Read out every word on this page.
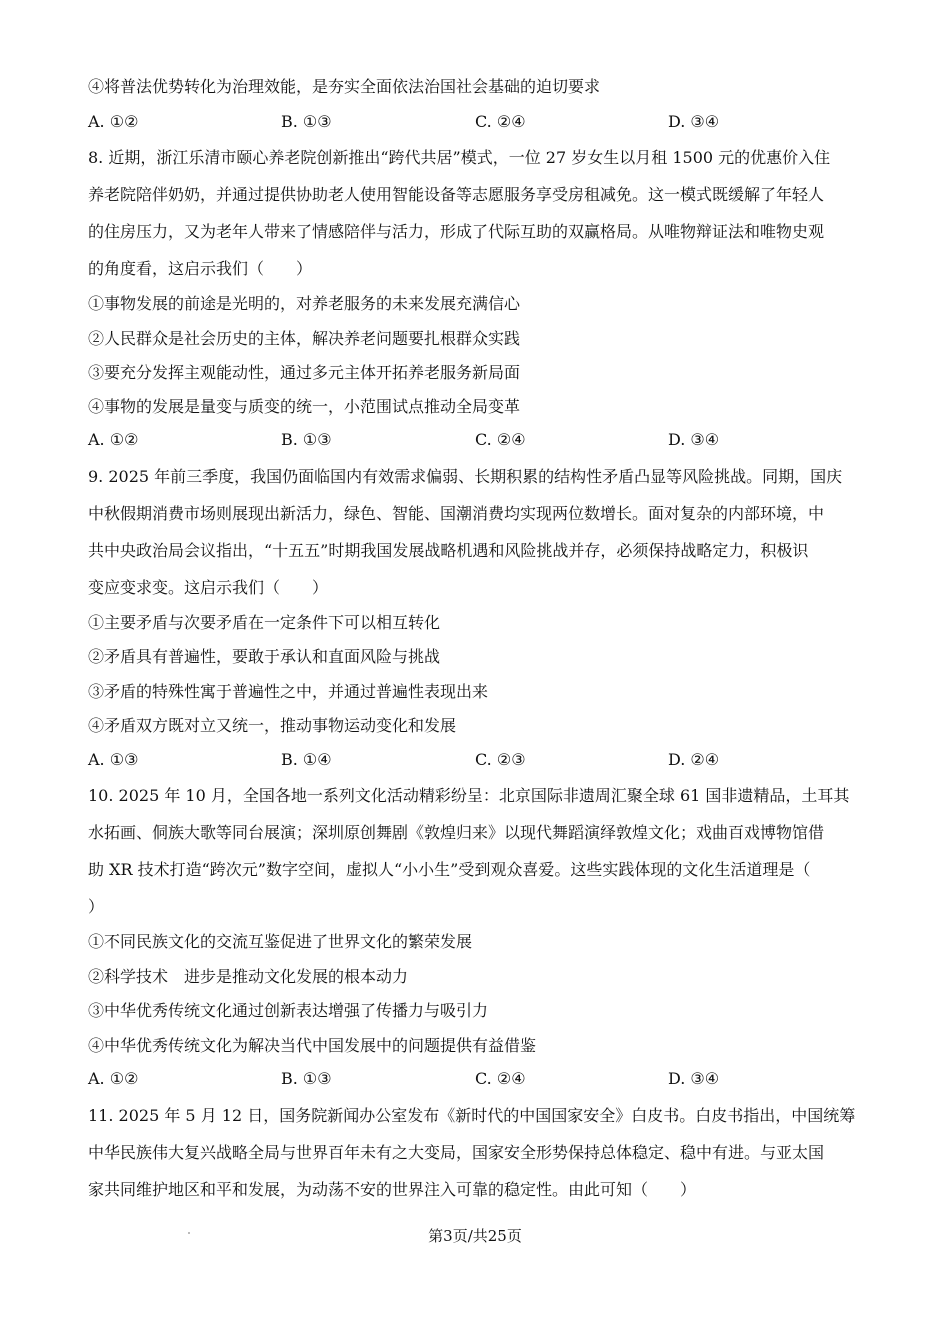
④将普法优势转化为治理效能，是夯实全面依法治国社会基础的迫切要求
A. ①②	B. ①③	C. ②④	D. ③④
8. 近期，浙江乐清市颐心养老院创新推出“跨代共居”模式，一位 27 岁女生以月租 1500 元的优惠价入住
养老院陪伴奶奶，并通过提供协助老人使用智能设备等志愿服务享受房租减免。这一模式既缓解了年轻人
的住房压力，又为老年人带来了情感陪伴与活力，形成了代际互助的双赢格局。从唯物辩证法和唯物史观
的角度看，这启示我们（　　）
①事物发展的前途是光明的，对养老服务的未来发展充满信心
②人民群众是社会历史的主体，解决养老问题要扎根群众实践
③要充分发挥主观能动性，通过多元主体开拓养老服务新局面
④事物的发展是量变与质变的统一，小范围试点推动全局变革
A. ①②	B. ①③	C. ②④	D. ③④
9. 2025 年前三季度，我国仍面临国内有效需求偏弱、长期积累的结构性矛盾凸显等风险挑战。同期，国庆
中秋假期消费市场则展现出新活力，绿色、智能、国潮消费均实现两位数增长。面对复杂的内部环境，中
共中央政治局会议指出，“十五五”时期我国发展战略机遇和风险挑战并存，必须保持战略定力，积极识
变应变求变。这启示我们（　　）
①主要矛盾与次要矛盾在一定条件下可以相互转化
②矛盾具有普遍性，要敢于承认和直面风险与挑战
③矛盾的特殊性寓于普遍性之中，并通过普遍性表现出来
④矛盾双方既对立又统一，推动事物运动变化和发展
A. ①③	B. ①④	C. ②③	D. ②④
10. 2025 年 10 月，全国各地一系列文化活动精彩纷呈：北京国际非遗周汇聚全球 61 国非遗精品，土耳其
水拓画、侗族大歌等同台展演；深圳原创舞剧《敦煌归来》以现代舞蹈演绎敦煌文化；戏曲百戏博物馆借
助 XR 技术打造“跨次元”数字空间，虚拟人“小小生”受到观众喜爱。这些实践体现的文化生活道理是（
）
①不同民族文化的交流互鉴促进了世界文化的繁荣发展
②科学技术　进步是推动文化发展的根本动力
③中华优秀传统文化通过创新表达增强了传播力与吸引力
④中华优秀传统文化为解决当代中国发展中的问题提供有益借鉴
A. ①②	B. ①③	C. ②④	D. ③④
11. 2025 年 5 月 12 日，国务院新闻办公室发布《新时代的中国国家安全》白皮书。白皮书指出，中国统筹
中华民族伟大复兴战略全局与世界百年未有之大变局，国家安全形势保持总体稳定、稳中有进。与亚太国
家共同维护地区和平和发展，为动荡不安的世界注入可靠的稳定性。由此可知（　　）
第3页/共25页
